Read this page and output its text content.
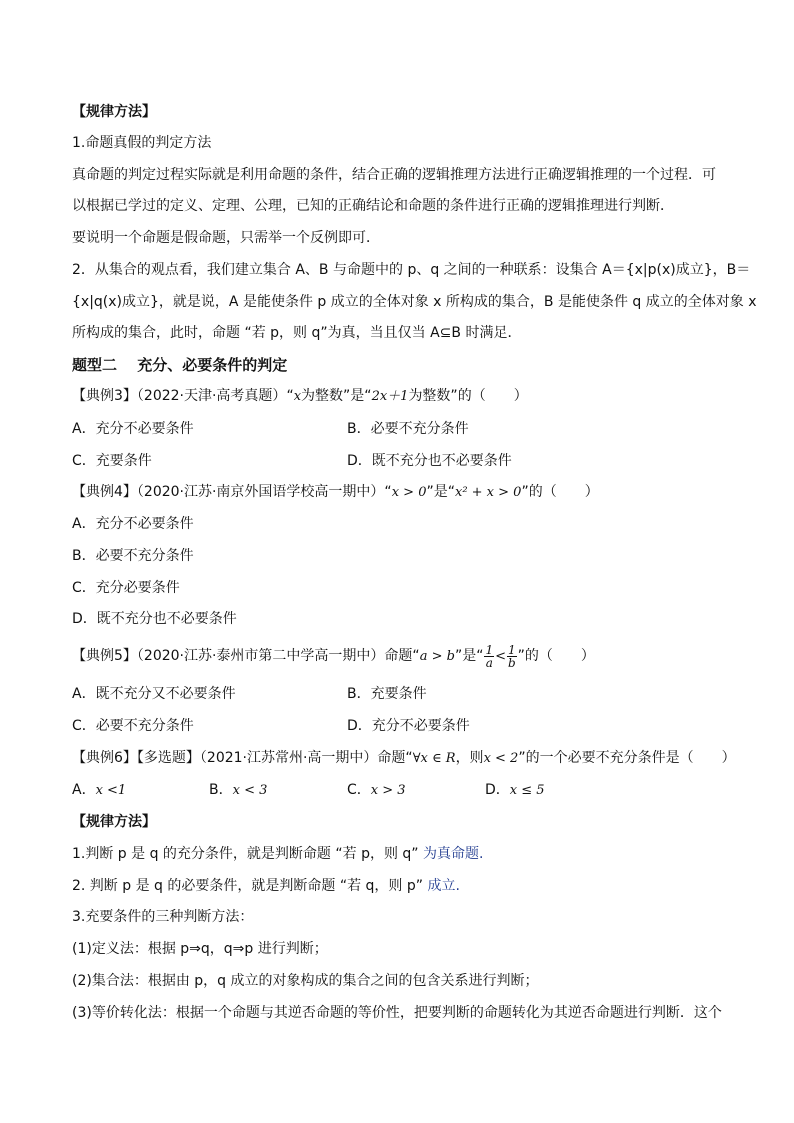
【规律方法】
1.命题真假的判定方法
真命题的判定过程实际就是利用命题的条件，结合正确的逻辑推理方法进行正确逻辑推理的一个过程．可
以根据已学过的定义、定理、公理，已知的正确结论和命题的条件进行正确的逻辑推理进行判断．
要说明一个命题是假命题，只需举一个反例即可．
2．从集合的观点看，我们建立集合 A、B 与命题中的 p、q 之间的一种联系：设集合 A＝{x|p(x)成立}，B＝
{x|q(x)成立}，就是说，A 是能使条件 p 成立的全体对象 x 所构成的集合，B 是能使条件 q 成立的全体对象 x
所构成的集合，此时，命题 “若 p，则 q”为真，当且仅当 A⊆B 时满足．
题型二　 充分、必要条件的判定
【典例3】（2022·天津·高考真题）“x为整数”是“2x＋1为整数”的（　　）
A．充分不必要条件	B．必要不充分条件
C．充要条件	D．既不充分也不必要条件
【典例4】（2020·江苏·南京外国语学校高一期中）“x > 0”是“x² + x > 0”的（　　）
A．充分不必要条件
B．必要不充分条件
C．充分必要条件
D．既不充分也不必要条件
【典例5】（2020·江苏·泰州市第二中学高一期中）命题“a > b”是“ $\frac{1}{a} < \frac{1}{b}$ ”的（　　）
A．既不充分又不必要条件	B．充要条件
C．必要不充分条件	D．充分不必要条件
【典例6】【多选题】（2021·江苏常州·高一期中）命题“∀x ∈ R，则x < 2”的一个必要不充分条件是（　　）
A．x <1	B．x < 3	C．x > 3	D．x ≤ 5
【规律方法】
1.判断 p 是 q 的充分条件，就是判断命题 “若 p，则 q” 为真命题.
2. 判断 p 是 q 的必要条件，就是判断命题 “若 q，则 p” 成立.
3.充要条件的三种判断方法：
(1)定义法：根据 p⇒q，q⇒p 进行判断；
(2)集合法：根据由 p，q 成立的对象构成的集合之间的包含关系进行判断；
(3)等价转化法：根据一个命题与其逆否命题的等价性，把要判断的命题转化为其逆否命题进行判断．这个
